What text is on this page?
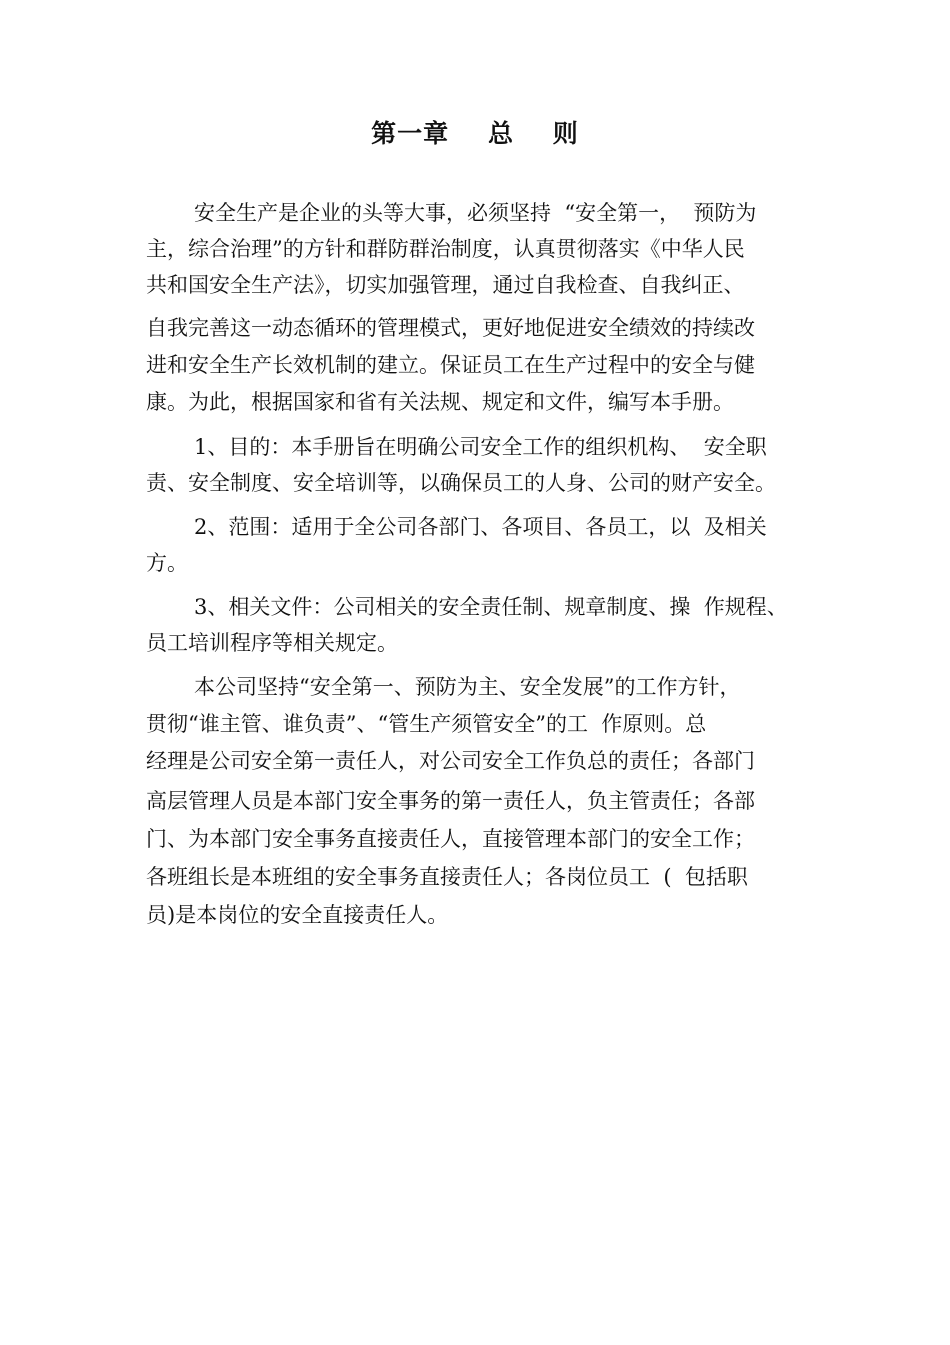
第一章    总    则
安全生产是企业的头等大事，必须坚持  “安全第一，  预防为
主，综合治理”的方针和群防群治制度，认真贯彻落实《中华人民
共和国安全生产法》，切实加强管理，通过自我检查、自我纠正、
自我完善这一动态循环的管理模式，更好地促进安全绩效的持续改
进和安全生产长效机制的建立。保证员工在生产过程中的安全与健
康。为此，根据国家和省有关法规、规定和文件，编写本手册。
1、目的：本手册旨在明确公司安全工作的组织机构、  安全职
责、安全制度、安全培训等，以确保员工的人身、公司的财产安全。
2、范围：适用于全公司各部门、各项目、各员工，以  及相关
方。
3、相关文件：公司相关的安全责任制、规章制度、操  作规程、
员工培训程序等相关规定。
本公司坚持“安全第一、预防为主、安全发展”的工作方针，
贯彻“谁主管、谁负责”、“管生产须管安全”的工  作原则。总
经理是公司安全第一责任人，对公司安全工作负总的责任；各部门
高层管理人员是本部门安全事务的第一责任人，负主管责任；各部
门、为本部门安全事务直接责任人，直接管理本部门的安全工作；
各班组长是本班组的安全事务直接责任人；各岗位员工  (  包括职
员)是本岗位的安全直接责任人。
